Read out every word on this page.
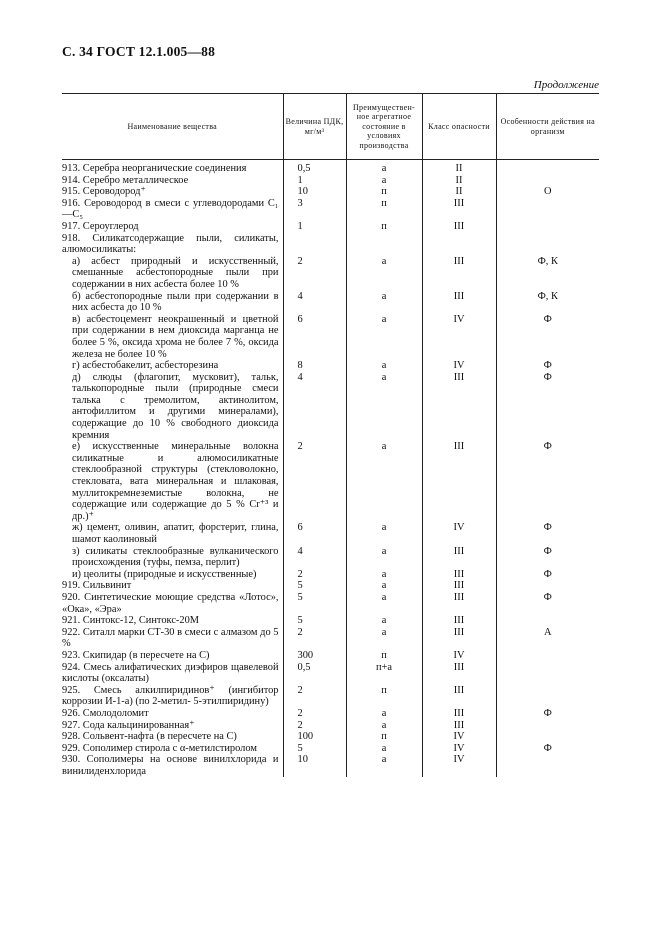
С. 34 ГОСТ 12.1.005—88
Продолжение
Наименование вещества	Величина ПДК, мг/м³	Преимуществен-ное агрегатное состояние в условиях производства	Класс опасности	Особенности действия на организм

913. Серебра неорганические соединения	0,5	а	II	

914. Серебро металлическое	1	а	II	

915. Сероводород⁺	10	п	II	О

916. Сероводород в смеси с углеводородами C₁—C₅	3	п	III	

917. Сероуглерод	1	п	III	

918. Силикатсодержащие пыли, силикаты, алюмосиликаты:				

а) асбест природный и искусственный, смешанные асбестопородные пыли при содержании в них асбеста более 10 %	2	а	III	Ф, К

б) асбестопородные пыли при содержании в них асбеста до 10 %	4	а	III	Ф, К

в) асбестоцемент неокрашенный и цветной при содержании в нем диоксида марганца не более 5 %, оксида хрома не более 7 %, оксида железа не более 10 %	6	а	IV	Ф

г) асбестобакелит, асбесторезина	8	а	IV	Ф

д) слюды (флагопит, мусковит), тальк, талькопородные пыли (природные смеси талька с тремолитом, актинолитом, антофиллитом и другими минералами), содержащие до 10 % свободного диоксида кремния	4	а	III	Ф

е) искусственные минеральные волокна силикатные и алюмосиликатные стеклообразной структуры (стекловолокно, стекловата, вата минеральная и шлаковая, муллитокремнеземистые волокна, не содержащие или содержащие до 5 % Cr⁺³ и др.)⁺	2	а	III	Ф

ж) цемент, оливин, апатит, форстерит, глина, шамот каолиновый	6	а	IV	Ф

з) силикаты стеклообразные вулканического происхождения (туфы, пемза, перлит)	4	а	III	Ф

и) цеолиты (природные и искусственные)	2	а	III	Ф

919. Сильвинит	5	а	III	

920. Синтетические моющие средства «Лотос», «Ока», «Эра»	5	а	III	Ф

921. Синтокс-12, Синтокс-20М	5	а	III	

922. Ситалл марки СТ-30 в смеси с алмазом до 5 %	2	а	III	А

923. Скипидар (в пересчете на С)	300	п	IV	

924. Смесь алифатических диэфиров щавелевой кислоты (оксалаты)	0,5	п+а	III	

925. Смесь алкилпиридинов⁺ (ингибитор коррозии И-1-а) (по 2-метил- 5-этилпиридину)	2	п	III	

926. Смолодоломит	2	а	III	Ф

927. Сода кальцинированная⁺	2	а	III	

928. Сольвент-нафта (в пересчете на С)	100	п	IV	

929. Сополимер стирола с α-метилстиролом	5	а	IV	Ф

930. Сополимеры на основе винилхлорида и винилиденхлорида	10	а	IV	
